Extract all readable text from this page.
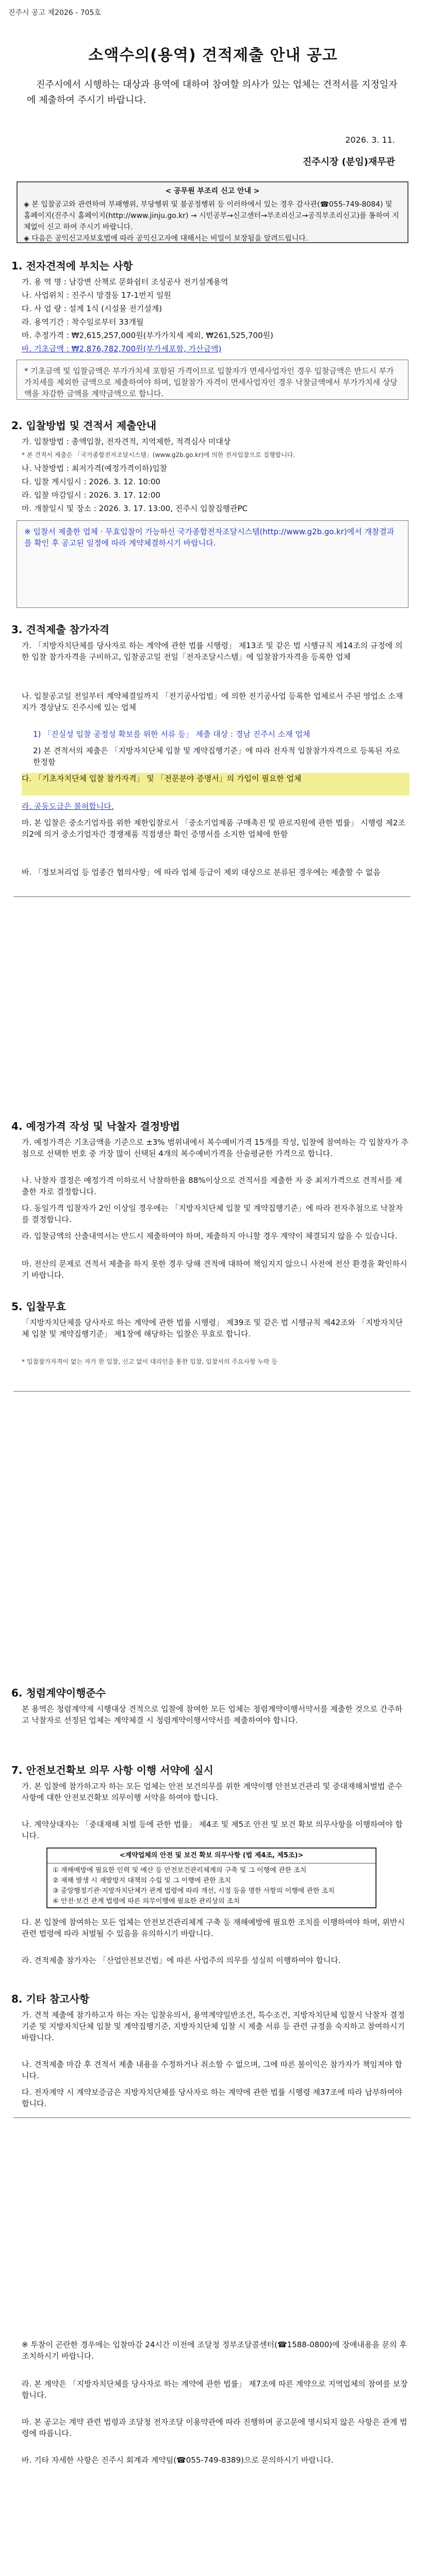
진주시 공고 제2026 - 705호
소액수의(용역) 견적제출 안내 공고
진주시에서 시행하는 대상과 용역에 대하여 참여할 의사가 있는 업체는 견적서를 지정일자에 제출하여 주시기 바랍니다.
2026. 3. 11.
진주시장 (분임)재무관
< 공무원 부조리 신고 안내 >
◈ 본 입찰공고와 관련하여 부패행위, 부당행위 및 불공정행위 등 이러하에서 있는 경우 감사관(☎055-749-8084) 및 홈페이지(진주시 홈페이지(http://www.jinju.go.kr) → 시민공부→신고센터→부조리신고→공직부조리신고)를 통하여 지체없이 신고 하여 주시기 바랍니다.
◈ 다음은 공익신고자보호법에 따라 공익신고자에 대해서는 비밀이 보장됨을 알려드립니다.
1. 전자견적에 부치는 사항
가. 용 역 명 : 남강변 산책로 문화쉼터 조성공사 전기설계용역
나. 사업위치 : 진주시 망경동 17-1번지 일원
다. 사 업 량 : 설계 1식 (시설물 전기설계)
라. 용역기간 : 착수일로부터 33개월
마. 추정가격 : ₩2,615,257,000원(부가가치세 제외, ₩261,525,700원)
바. 기초금액 : ₩2,876,782,700원(부가세포함, 가산금액)
* 기초금액 및 입찰금액은 부가가치세 포함된 가격이므로 입찰자가 면세사업자인 경우 입찰금액은 반드시 부가가치세를 제외한 금액으로 제출하여야 하며, 입찰참가 자격이 면세사업자인 경우 낙찰금액에서 부가가치세 상당액을 차감한 금액을 계약금액으로 합니다.
2. 입찰방법 및 견적서 제출안내
가. 입찰방법 : 총액입찰, 전자견적, 지역제한, 적격심사 미대상
* 본 견적서 제출은 「국가종합전자조달시스템」(www.g2b.go.kr)에 의한 전자입찰으로 집행합니다.
나. 낙찰방법 : 최저가격(예정가격이하)입찰
다. 입찰 게시일시 : 2026. 3. 12. 10:00
라. 입찰 마감일시 : 2026. 3. 17. 12:00
마. 개찰일시 및 장소 : 2026. 3. 17. 13:00, 진주시 입찰집행관PC
※ 입찰서 제출한 업체 · 무효입찰이 가능하신 국가종합전자조달시스템(http://www.g2b.go.kr)에서 개찰결과를 확인 후 공고된 일정에 따라 계약체결하시기 바랍니다.
3. 견적제출 참가자격
가. 「지방자치단체를 당사자로 하는 계약에 관한 법률 시행령」 제13조 및 같은 법 시행규칙 제14조의 규정에 의한 입찰 참가자격을 구비하고, 입찰공고일 전일「전자조달시스템」에 입찰참가자격을 등록한 업체
나. 입찰공고일 전일부터 계약체결일까지 「전기공사업법」에 의한 전기공사업 등록한 업체로서 주된 영업소 소재지가 경상남도 진주시에 있는 업체
1) 「진실성 입찰 공정성 확보를 위한 서류 등」 제출 대상 : 경남 진주시 소재 업체
2) 본 견적서의 제출은 「지방자치단체 입찰 및 계약집행기준」에 따라 전자적 입찰참가자격으로 등록된 자로 한정함
다. 「기초자치단체 입찰 참가자격」 및 「전문분야 증명서」의 가입이 필요한 업체
라. 공동도급은 불허합니다.
마. 본 입찰은 중소기업자를 위한 제한입찰로서 「중소기업제품 구매촉진 및 판로지원에 관한 법률」 시행령 제2조의2에 의거 중소기업자간 경쟁제품 직접생산 확인 증명서를 소지한 업체에 한함
바. 「정보처리업 등 업종간 협의사항」에 따라 업체 등급이 제외 대상으로 분류된 경우에는 제출할 수 없음
4. 예정가격 작성 및 낙찰자 결정방법
가. 예정가격은 기초금액을 기준으로 ±3% 범위내에서 복수예비가격 15개를 작성, 입찰에 참여하는 각 입찰자가 추첨으로 선택한 번호 중 가장 많이 선택된 4개의 복수예비가격을 산술평균한 가격으로 합니다.
나. 낙찰자 결정은 예정가격 이하로서 낙찰하한율 88%이상으로 견적서를 제출한 자 중 최저가격으로 견적서를 제출한 자로 결정합니다.
다. 동일가격 입찰자가 2인 이상일 경우에는 「지방자치단체 입찰 및 계약집행기준」에 따라 전자추첨으로 낙찰자를 결정합니다.
라. 입찰금액의 산출내역서는 반드시 제출하여야 하며, 제출하지 아니할 경우 계약이 체결되지 않을 수 있습니다.
마. 전산의 문제로 견적서 제출을 하지 못한 경우 당해 견적에 대하여 책임지지 않으니 사전에 전산 환경을 확인하시기 바랍니다.
5. 입찰무효
「지방자치단체를 당사자로 하는 계약에 관한 법률 시행령」 제39조 및 같은 법 시행규칙 제42조와 「지방자치단체 입찰 및 계약집행기준」 제1장에 해당하는 입찰은 무효로 합니다.
* 입찰참가자격이 없는 자가 한 입찰, 신고 없이 대리인을 통한 입찰, 입찰서의 주요사항 누락 등
6. 청렴계약이행준수
본 용역은 청렴계약제 시행대상 견적으로 입찰에 참여한 모든 업체는 청렴계약이행서약서를 제출한 것으로 간주하고 낙찰자로 선정된 업체는 계약체결 시 청렴계약이행서약서를 제출하여야 합니다.
7. 안전보건확보 의무 사항 이행 서약에 실시
가. 본 입찰에 참가하고자 하는 모든 업체는 안전 보건의무를 위한 계약이행 안전보건관리 및 중대재해처벌법 준수사항에 대한 안전보건확보 의무이행 서약을 하여야 합니다.
나. 계약상대자는 「중대재해 처벌 등에 관한 법률」 제4조 및 제5조 안전 및 보건 확보 의무사항을 이행하여야 합니다.
<계약업체의 안전 및 보건 확보 의무사항 (법 제4조, 제5조)>
① 재해예방에 필요한 인력 및 예산 등 안전보건관리체계의 구축 및 그 이행에 관한 조치
② 재해 발생 시 재발방지 대책의 수립 및 그 이행에 관한 조치
③ 중앙행정기관·지방자치단체가 관계 법령에 따라 개선, 시정 등을 명한 사항의 이행에 관한 조치
④ 안전·보건 관계 법령에 따른 의무이행에 필요한 관리상의 조치
다. 본 입찰에 참여하는 모든 업체는 안전보건관리체계 구축 등 재해예방에 필요한 조치를 이행하여야 하며, 위반시 관련 법령에 따라 처벌될 수 있음을 유의하시기 바랍니다.
라. 견적제출 참가자는 「산업안전보건법」에 따른 사업주의 의무를 성실히 이행하여야 합니다.
8. 기타 참고사항
가. 견적 제출에 참가하고자 하는 자는 입찰유의서, 용역계약일반조건, 특수조건, 지방자치단체 입찰시 낙찰자 결정기준 및 지방자치단체 입찰 및 계약집행기준, 지방자치단체 입찰 시 제출 서류 등 관련 규정을 숙지하고 참여하시기 바랍니다.
나. 견적제출 마감 후 견적서 제출 내용을 수정하거나 취소할 수 없으며, 그에 따른 불이익은 참가자가 책임져야 합니다.
다. 전자계약 시 계약보증금은 지방자치단체를 당사자로 하는 계약에 관한 법률 시행령 제37조에 따라 납부하여야 합니다.
※ 투찰이 곤란한 경우에는 입찰마감 24시간 이전에 조달청 정부조달콜센터(☎1588-0800)에 장애내용을 문의 후 조치하시기 바랍니다.
라. 본 계약은 「지방자치단체를 당사자로 하는 계약에 관한 법률」 제7조에 따른 계약으로 지역업체의 참여를 보장합니다.
마. 본 공고는 계약 관련 법령과 조달청 전자조달 이용약관에 따라 진행하며 공고문에 명시되지 않은 사항은 관계 법령에 따릅니다.
바. 기타 자세한 사항은 진주시 회계과 계약팀(☎055-749-8389)으로 문의하시기 바랍니다.
